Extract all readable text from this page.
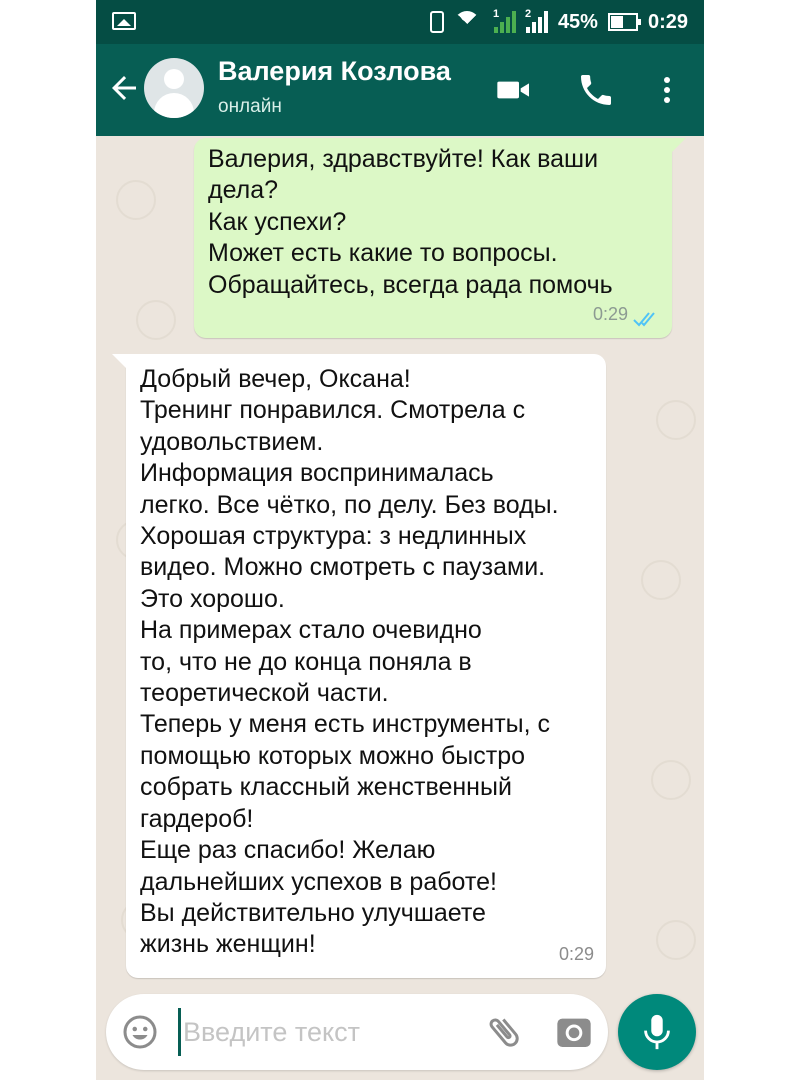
1 2 45%	0:29
Валерия Козлова
онлайн
Валерия, здравствуйте! Как ваши
дела?
Как успехи?
Может есть какие то вопросы.
Обращайтесь, всегда рада помочь
0:29
Добрый вечер, Оксана!
Тренинг понравился. Смотрела с
удовольствием.
Информация воспринималась
легко. Все чётко, по делу. Без воды.
Хорошая структура: з недлинных
видео. Можно смотреть с паузами.
Это хорошо.
На примерах стало очевидно
то, что не до конца поняла в
теоретической части.
Теперь у меня есть инструменты, с
помощью которых можно быстро
собрать классный женственный
гардероб!
Еще раз спасибо! Желаю
дальнейших успехов в работе!
Вы действительно улучшаете
жизнь женщин!	0:29
Введите текст
